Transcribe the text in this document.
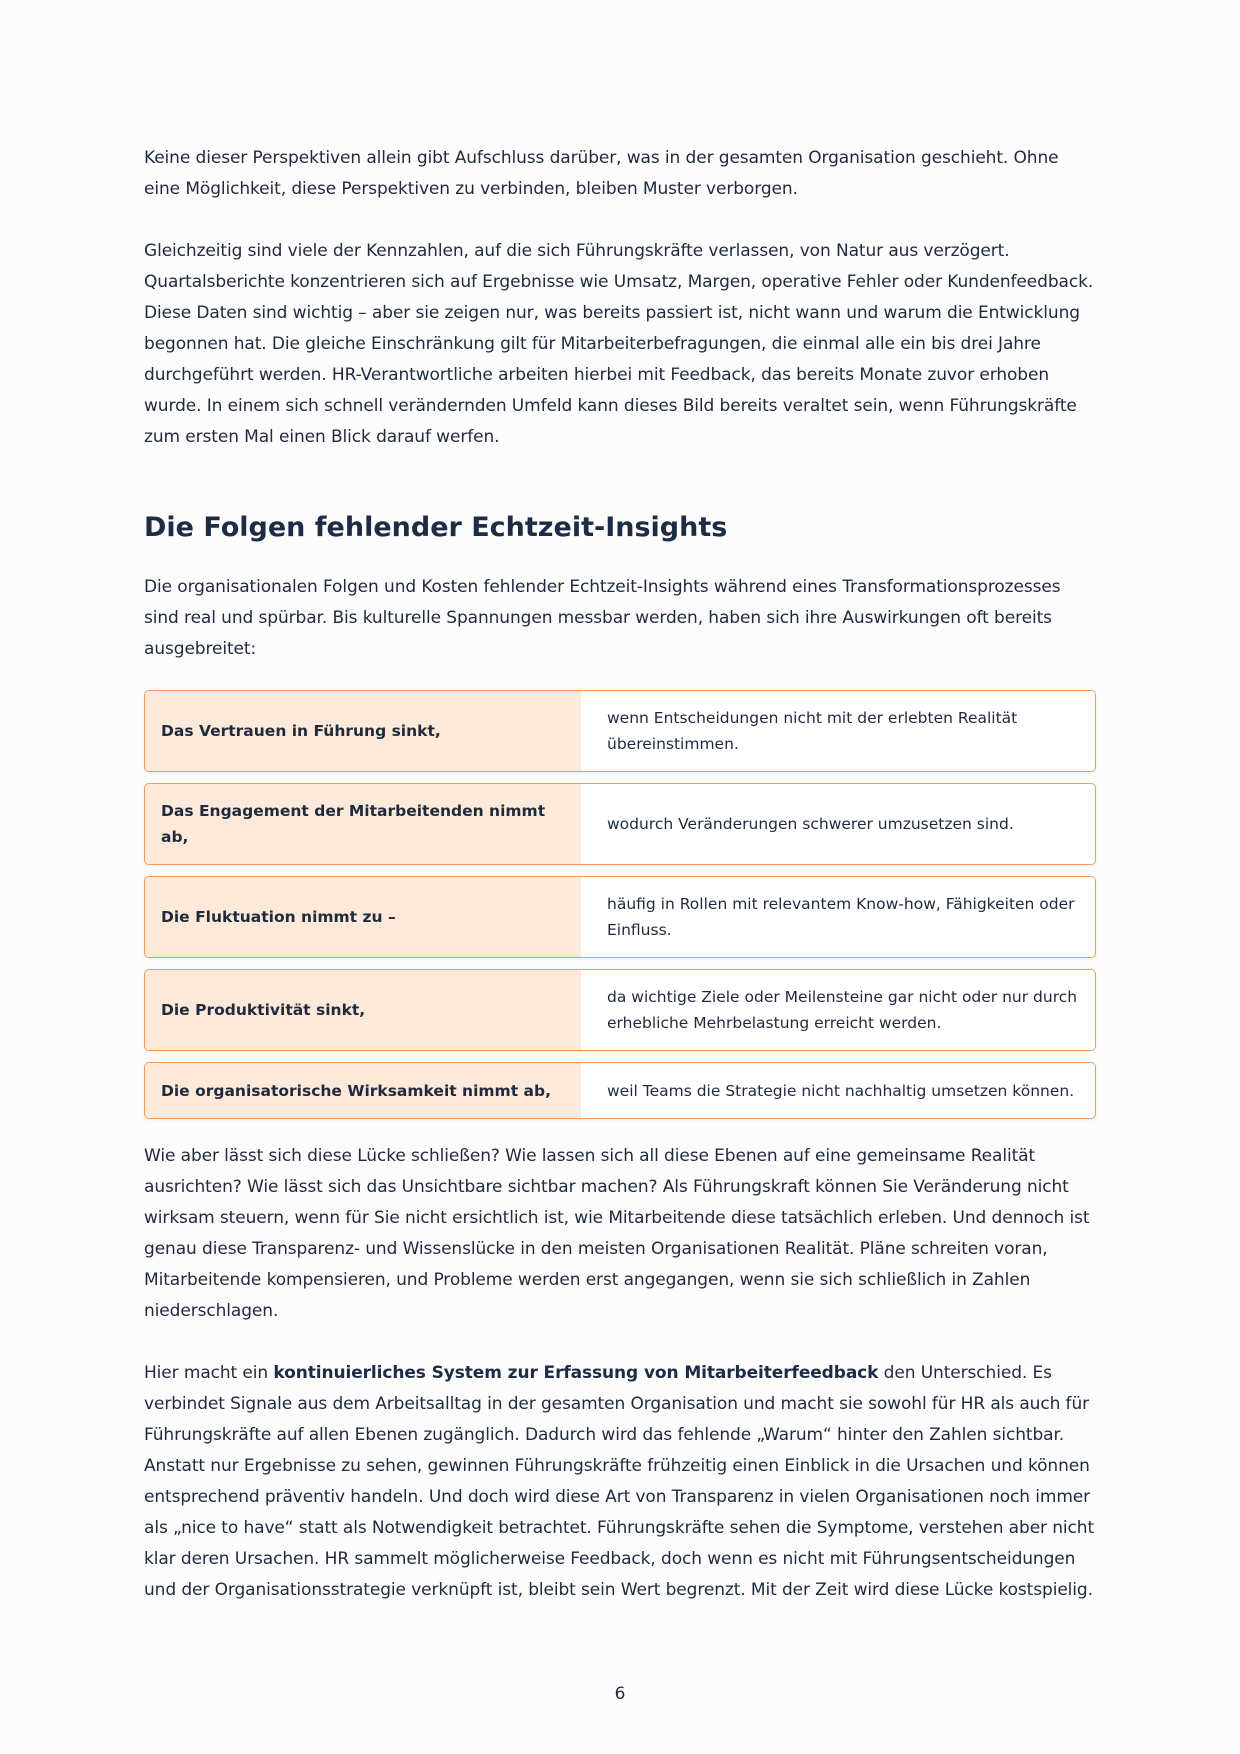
Keine dieser Perspektiven allein gibt Aufschluss darüber, was in der gesamten Organisation geschieht. Ohne eine Möglichkeit, diese Perspektiven zu verbinden, bleiben Muster verborgen.

Gleichzeitig sind viele der Kennzahlen, auf die sich Führungskräfte verlassen, von Natur aus verzögert. Quartalsberichte konzentrieren sich auf Ergebnisse wie Umsatz, Margen, operative Fehler oder Kundenfeedback. Diese Daten sind wichtig – aber sie zeigen nur, was bereits passiert ist, nicht wann und warum die Entwicklung begonnen hat. Die gleiche Einschränkung gilt für Mitarbeiterbefragungen, die einmal alle ein bis drei Jahre durchgeführt werden. HR-Verantwortliche arbeiten hierbei mit Feedback, das bereits Monate zuvor erhoben wurde. In einem sich schnell verändernden Umfeld kann dieses Bild bereits veraltet sein, wenn Führungskräfte zum ersten Mal einen Blick darauf werfen.

Die Folgen fehlender Echtzeit-Insights

Die organisationalen Folgen und Kosten fehlender Echtzeit-Insights während eines Transformationsprozesses sind real und spürbar. Bis kulturelle Spannungen messbar werden, haben sich ihre Auswirkungen oft bereits ausgebreitet:

Das Vertrauen in Führung sinkt,
wenn Entscheidungen nicht mit der erlebten Realität übereinstimmen.
Das Engagement der Mitarbeitenden nimmt ab,
wodurch Veränderungen schwerer umzusetzen sind.
Die Fluktuation nimmt zu –
häufig in Rollen mit relevantem Know-how, Fähigkeiten oder Einfluss.
Die Produktivität sinkt,
da wichtige Ziele oder Meilensteine gar nicht oder nur durch erhebliche Mehrbelastung erreicht werden.
Die organisatorische Wirksamkeit nimmt ab,	weil Teams die Strategie nicht nachhaltig umsetzen können.

Wie aber lässt sich diese Lücke schließen? Wie lassen sich all diese Ebenen auf eine gemeinsame Realität ausrichten? Wie lässt sich das Unsichtbare sichtbar machen? Als Führungskraft können Sie Veränderung nicht wirksam steuern, wenn für Sie nicht ersichtlich ist, wie Mitarbeitende diese tatsächlich erleben. Und dennoch ist genau diese Transparenz- und Wissenslücke in den meisten Organisationen Realität. Pläne schreiten voran, Mitarbeitende kompensieren, und Probleme werden erst angegangen, wenn sie sich schließlich in Zahlen niederschlagen.

Hier macht ein kontinuierliches System zur Erfassung von Mitarbeiterfeedback den Unterschied. Es verbindet Signale aus dem Arbeitsalltag in der gesamten Organisation und macht sie sowohl für HR als auch für Führungskräfte auf allen Ebenen zugänglich. Dadurch wird das fehlende „Warum“ hinter den Zahlen sichtbar. Anstatt nur Ergebnisse zu sehen, gewinnen Führungskräfte frühzeitig einen Einblick in die Ursachen und können entsprechend präventiv handeln. Und doch wird diese Art von Transparenz in vielen Organisationen noch immer als „nice to have“ statt als Notwendigkeit betrachtet. Führungskräfte sehen die Symptome, verstehen aber nicht klar deren Ursachen. HR sammelt möglicherweise Feedback, doch wenn es nicht mit Führungsentscheidungen und der Organisationsstrategie verknüpft ist, bleibt sein Wert begrenzt. Mit der Zeit wird diese Lücke kostspielig.

6
